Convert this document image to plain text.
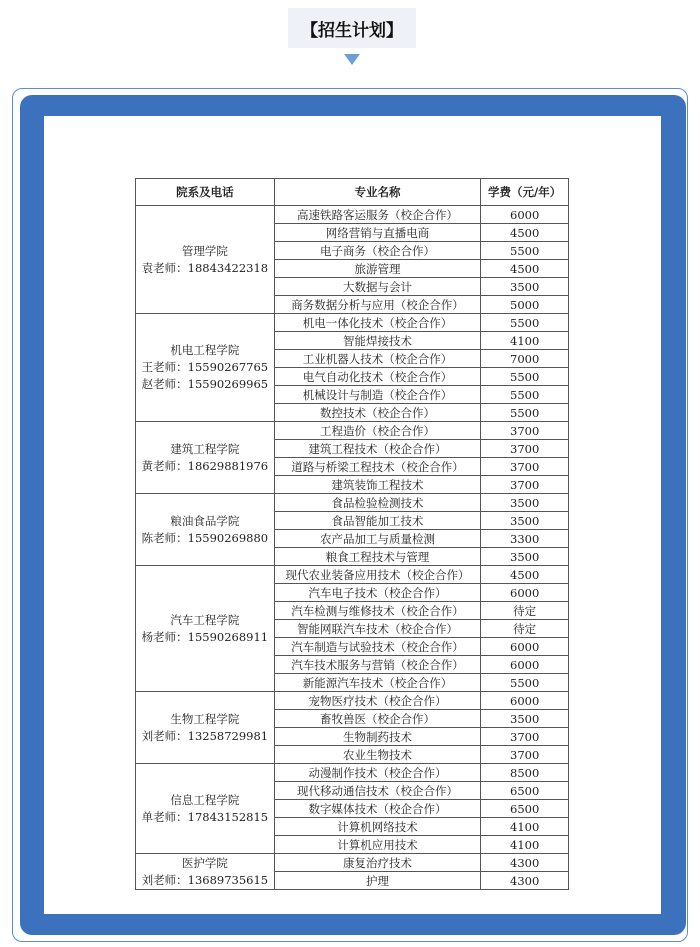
【招生计划】
院系及电话	专业名称	学费（元/年）

管理学院
袁老师：18843422318	高速铁路客运服务（校企合作）	6000
	网络营销与直播电商	4500
	电子商务（校企合作）	5500
	旅游管理	4500
	大数据与会计	3500
	商务数据分析与应用（校企合作）	5000

机电工程学院
王老师：15590267765
赵老师：15590269965	机电一体化技术（校企合作）	5500
	智能焊接技术	4100
	工业机器人技术（校企合作）	7000
	电气自动化技术（校企合作）	5500
	机械设计与制造（校企合作）	5500
	数控技术（校企合作）	5500

建筑工程学院
黄老师：18629881976	工程造价（校企合作）	3700
	建筑工程技术（校企合作）	3700
	道路与桥梁工程技术（校企合作）	3700
	建筑装饰工程技术	3700

粮油食品学院
陈老师：15590269880	食品检验检测技术	3500
	食品智能加工技术	3500
	农产品加工与质量检测	3300
	粮食工程技术与管理	3500

汽车工程学院
杨老师：15590268911	现代农业装备应用技术（校企合作）	4500
	汽车电子技术（校企合作）	6000
	汽车检测与维修技术（校企合作）	待定
	智能网联汽车技术（校企合作）	待定
	汽车制造与试验技术（校企合作）	6000
	汽车技术服务与营销（校企合作）	6000
	新能源汽车技术（校企合作）	5500

生物工程学院
刘老师：13258729981	宠物医疗技术（校企合作）	6000
	畜牧兽医（校企合作）	3500
	生物制药技术	3700
	农业生物技术	3700

信息工程学院
单老师：17843152815	动漫制作技术（校企合作）	8500
	现代移动通信技术（校企合作）	6500
	数字媒体技术（校企合作）	6500
	计算机网络技术	4100
	计算机应用技术	4100

医护学院
刘老师：13689735615	康复治疗技术	4300
	护理	4300
